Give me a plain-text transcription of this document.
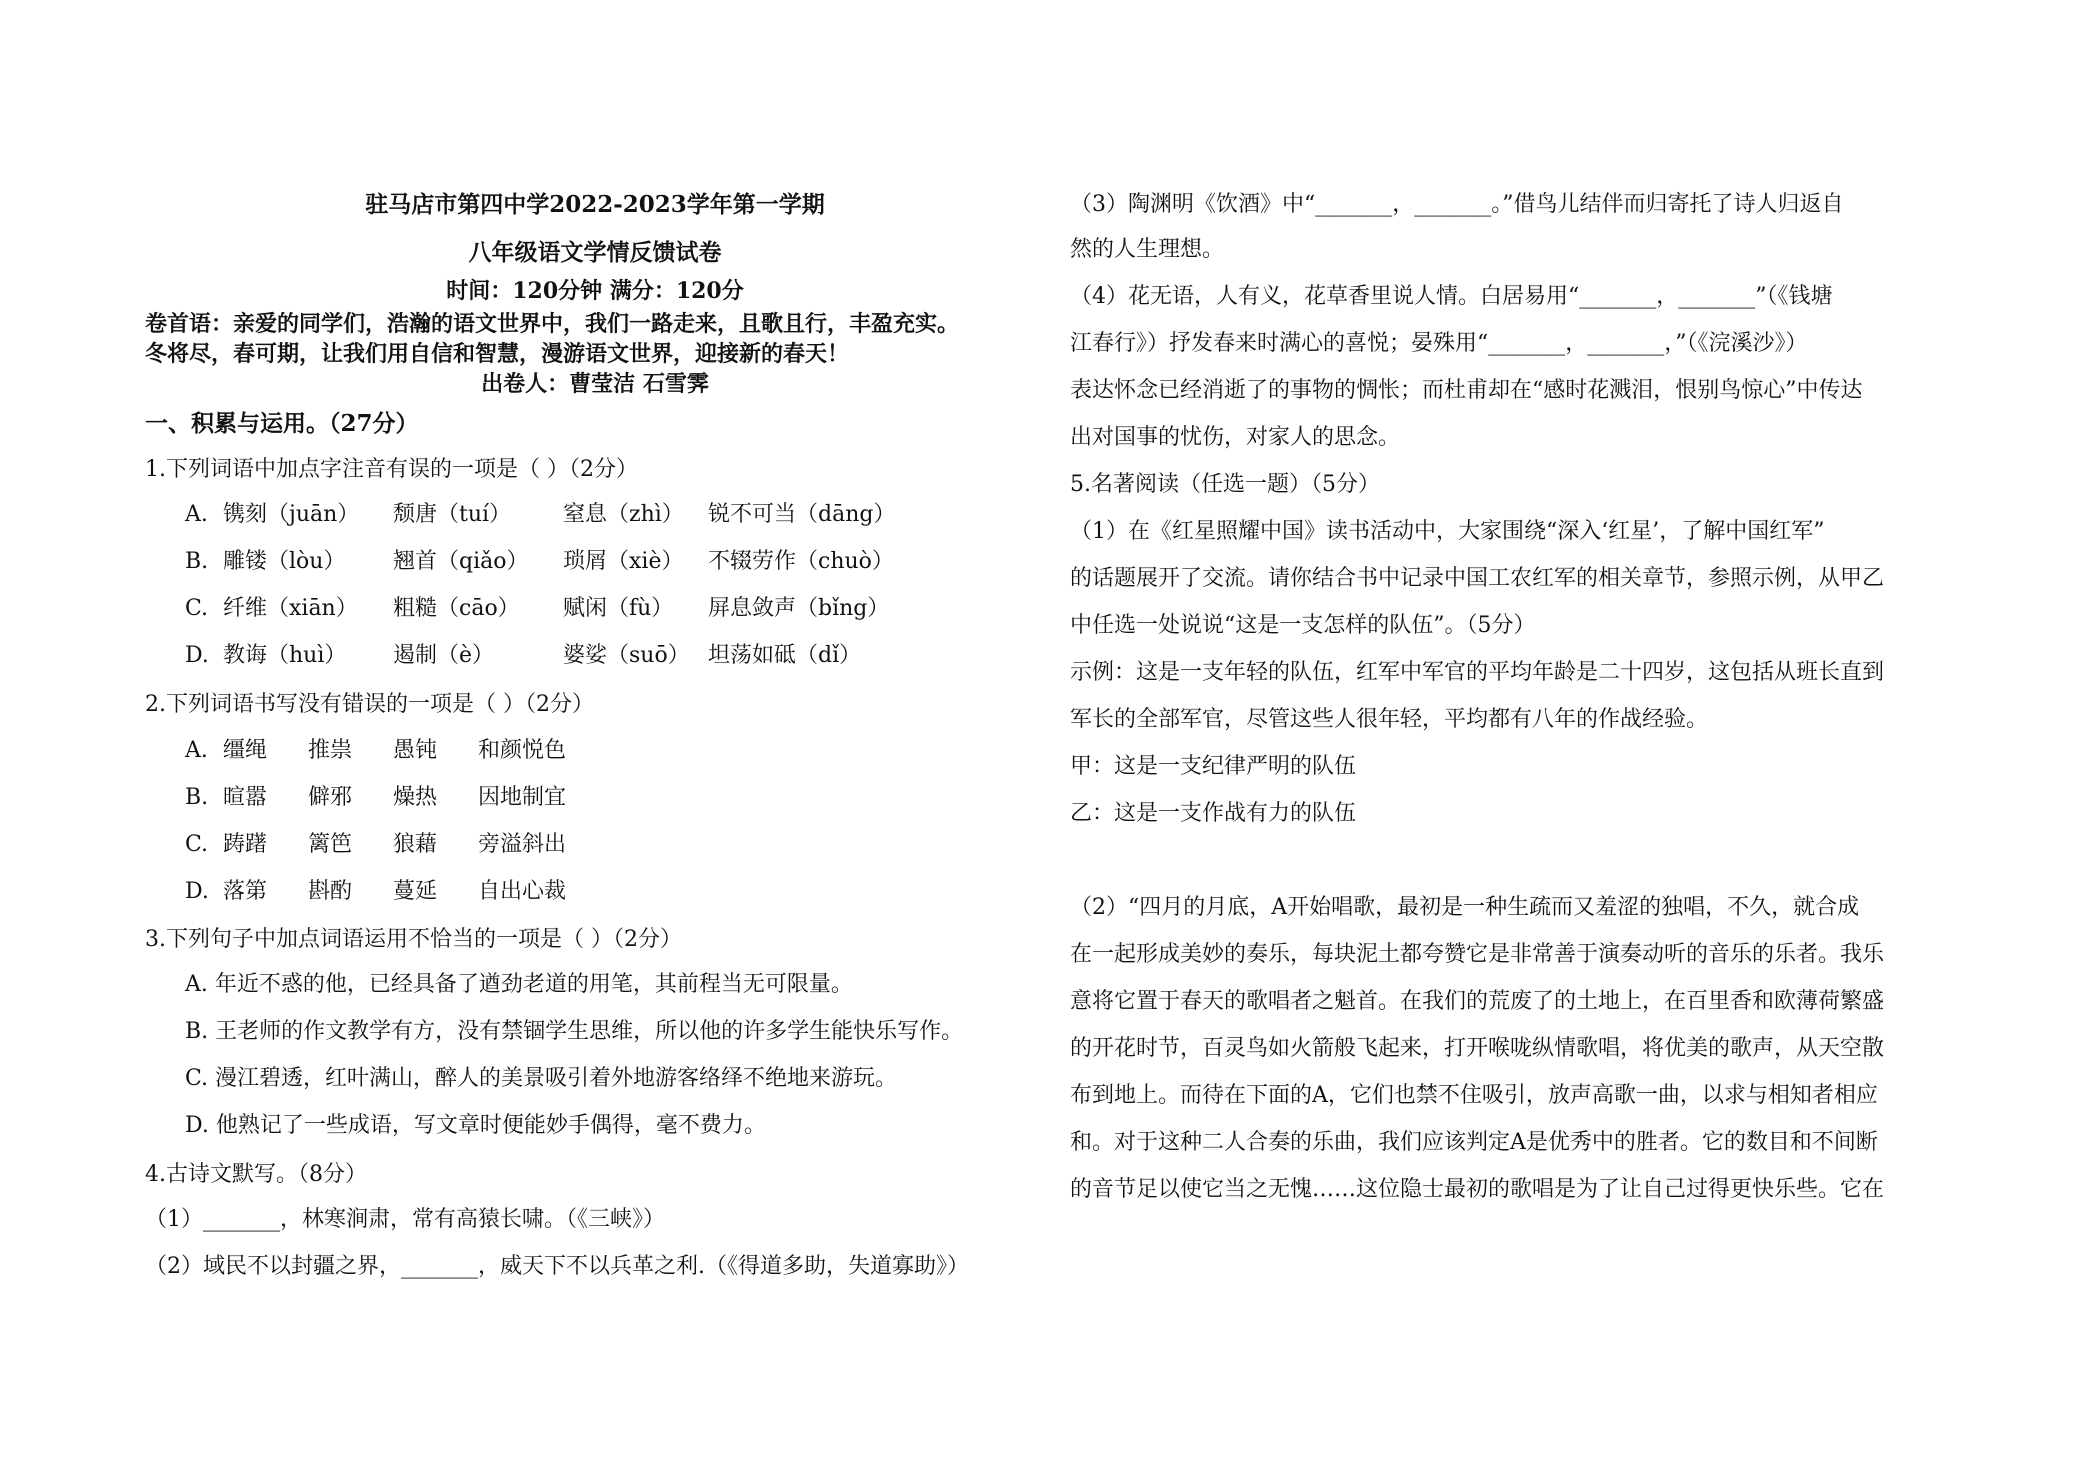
驻马店市第四中学2022-2023学年第一学期
八年级语文学情反馈试卷
时间：120分钟 满分：120分
卷首语：亲爱的同学们，浩瀚的语文世界中，我们一路走来，且歌且行，丰盈充实。
冬将尽，春可期，让我们用自信和智慧，漫游语文世界，迎接新的春天！
出卷人：曹莹洁 石雪霁
一、积累与运用。（27分）
1.下列词语中加点字注音有误的一项是（ ）（2分）
A. 镌刻（juān） 颓唐（tuí） 窒息（zhì） 锐不可当（dāng）
B. 雕镂（lòu） 翘首（qiǎo） 琐屑（xiè） 不辍劳作（chuò）
C. 纤维（xiān） 粗糙（cāo） 赋闲（fù） 屏息敛声（bǐng）
D. 教诲（huì） 遏制（è）	婆娑（suō） 坦荡如砥（dǐ）
2.下列词语书写没有错误的一项是（ ）（2分）
A. 缰绳 推祟 愚钝 和颜悦色
B. 暄嚣 僻邪 燥热 因地制宜
C. 踌躇 篱笆 狼藉 旁溢斜出
D. 落第 斟酌 蔓延 自出心裁
3.下列句子中加点词语运用不恰当的一项是（ ）（2分）
A. 年近不惑的他，已经具备了遒劲老道的用笔，其前程当无可限量。
B. 王老师的作文教学有方，没有禁锢学生思维，所以他的许多学生能快乐写作。
C. 漫江碧透，红叶满山，醉人的美景吸引着外地游客络绎不绝地来游玩。
D. 他熟记了一些成语，写文章时便能妙手偶得，毫不费力。
4.古诗文默写。（8分）
（1）_______，林寒涧肃，常有高猿长啸。（《三峡》）
（2）域民不以封疆之界，_______，威天下不以兵革之利.（《得道多助，失道寡助》）
（3）陶渊明《饮酒》中“_______，_______。”借鸟儿结伴而归寄托了诗人归返自
然的人生理想。
（4）花无语，人有义，花草香里说人情。白居易用“_______，_______”（《钱塘
江春行》）抒发春来时满心的喜悦；晏殊用“_______，_______，”（《浣溪沙》）
表达怀念已经消逝了的事物的惆怅；而杜甫却在“感时花溅泪，恨别鸟惊心”中传达
出对国事的忧伤，对家人的思念。
5.名著阅读（任选一题）（5分）
（1）在《红星照耀中国》读书活动中，大家围绕“深入‘红星’，了解中国红军”
的话题展开了交流。请你结合书中记录中国工农红军的相关章节，参照示例，从甲乙
中任选一处说说“这是一支怎样的队伍”。（5分）
示例：这是一支年轻的队伍，红军中军官的平均年龄是二十四岁，这包括从班长直到
军长的全部军官，尽管这些人很年轻，平均都有八年的作战经验。
甲：这是一支纪律严明的队伍
乙：这是一支作战有力的队伍
（2）“四月的月底，A开始唱歌，最初是一种生疏而又羞涩的独唱，不久，就合成
在一起形成美妙的奏乐，每块泥土都夸赞它是非常善于演奏动听的音乐的乐者。我乐
意将它置于春天的歌唱者之魁首。在我们的荒废了的土地上，在百里香和欧薄荷繁盛
的开花时节，百灵鸟如火箭般飞起来，打开喉咙纵情歌唱，将优美的歌声，从天空散
布到地上。而待在下面的A，它们也禁不住吸引，放声高歌一曲，以求与相知者相应
和。对于这种二人合奏的乐曲，我们应该判定A是优秀中的胜者。它的数目和不间断
的音节足以使它当之无愧……这位隐士最初的歌唱是为了让自己过得更快乐些。它在
